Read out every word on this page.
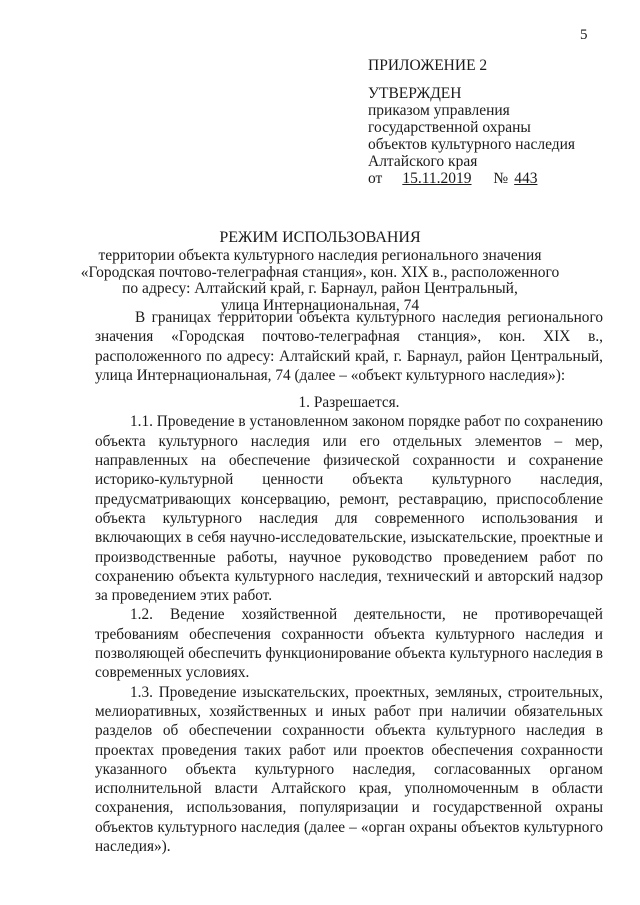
5
ПРИЛОЖЕНИЕ 2
УТВЕРЖДЕН
приказом управления
государственной охраны
объектов культурного наследия
Алтайского края
от 15.11.2019 № 443
РЕЖИМ ИСПОЛЬЗОВАНИЯ
территории объекта культурного наследия регионального значения
«Городская почтово-телеграфная станция», кон. XIX в., расположенного
по адресу: Алтайский край, г. Барнаул, район Центральный,
улица Интернациональная, 74

В границах территории объекта культурного наследия регионального значения «Городская почтово-телеграфная станция», кон. XIX в., расположенного по адресу: Алтайский край, г. Барнаул, район Центральный, улица Интернациональная, 74 (далее – «объект культурного наследия»):

1. Разрешается.

1.1. Проведение в установленном законом порядке работ по сохранению объекта культурного наследия или его отдельных элементов – мер, направленных на обеспечение физической сохранности и сохранение историко-культурной ценности объекта культурного наследия, предусматривающих консервацию, ремонт, реставрацию, приспособление объекта культурного наследия для современного использования и включающих в себя научно-исследовательские, изыскательские, проектные и производственные работы, научное руководство проведением работ по сохранению объекта культурного наследия, технический и авторский надзор за проведением этих работ.

1.2. Ведение хозяйственной деятельности, не противоречащей требованиям обеспечения сохранности объекта культурного наследия и позволяющей обеспечить функционирование объекта культурного наследия в современных условиях.

1.3. Проведение изыскательских, проектных, земляных, строительных, мелиоративных, хозяйственных и иных работ при наличии обязательных разделов об обеспечении сохранности объекта культурного наследия в проектах проведения таких работ или проектов обеспечения сохранности указанного объекта культурного наследия, согласованных органом исполнительной власти Алтайского края, уполномоченным в области сохранения, использования, популяризации и государственной охраны объектов культурного наследия (далее – «орган охраны объектов культурного наследия»).
